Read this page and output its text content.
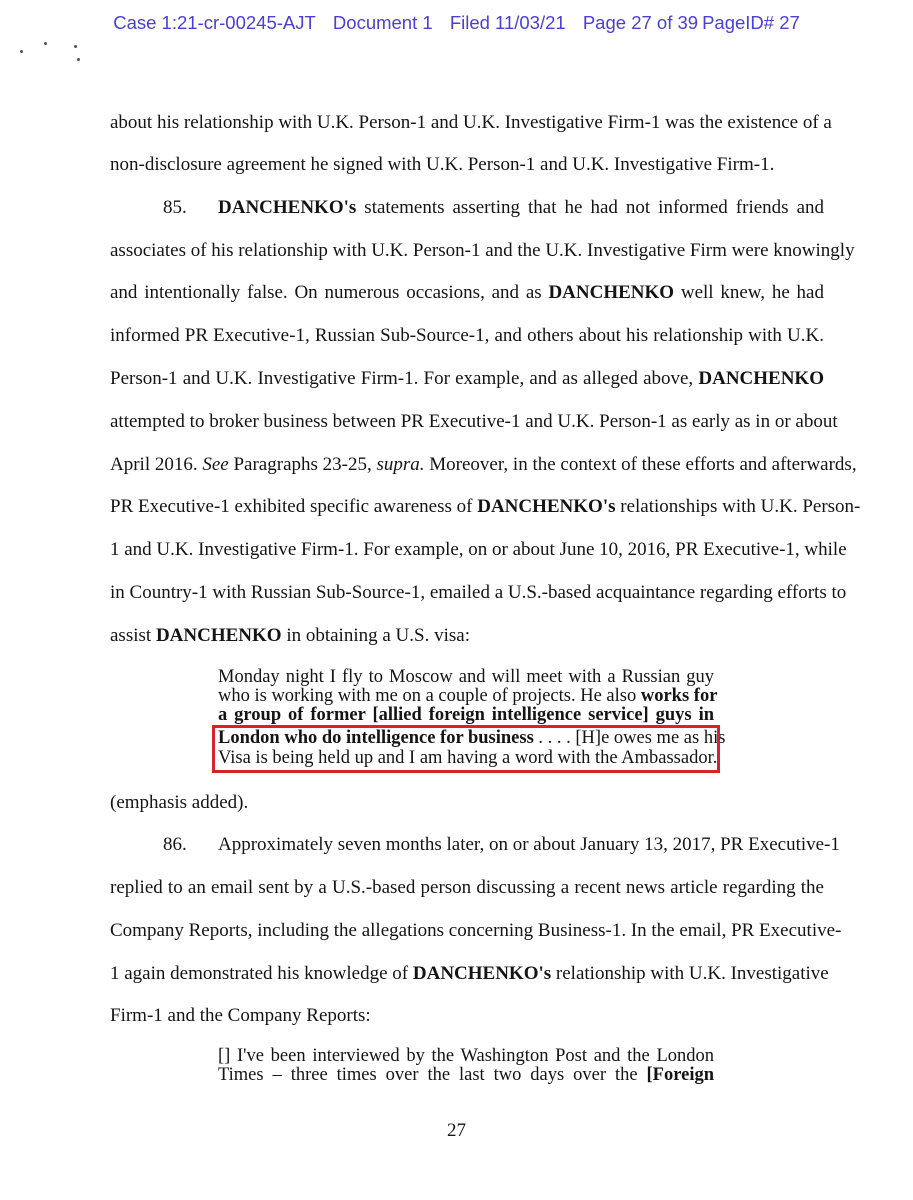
Case 1:21-cr-00245-AJT Document 1 Filed 11/03/21 Page 27 of 39 PageID# 27
about his relationship with U.K. Person-1 and U.K. Investigative Firm-1 was the existence of a
non-disclosure agreement he signed with U.K. Person-1 and U.K. Investigative Firm-1.
85. DANCHENKO's statements asserting that he had not informed friends and
associates of his relationship with U.K. Person-1 and the U.K. Investigative Firm were knowingly
and intentionally false. On numerous occasions, and as DANCHENKO well knew, he had
informed PR Executive-1, Russian Sub-Source-1, and others about his relationship with U.K.
Person-1 and U.K. Investigative Firm-1. For example, and as alleged above, DANCHENKO
attempted to broker business between PR Executive-1 and U.K. Person-1 as early as in or about
April 2016. See Paragraphs 23-25, supra. Moreover, in the context of these efforts and afterwards,
PR Executive-1 exhibited specific awareness of DANCHENKO's relationships with U.K. Person-
1 and U.K. Investigative Firm-1. For example, on or about June 10, 2016, PR Executive-1, while
in Country-1 with Russian Sub-Source-1, emailed a U.S.-based acquaintance regarding efforts to
assist DANCHENKO in obtaining a U.S. visa:
Monday night I fly to Moscow and will meet with a Russian guy
who is working with me on a couple of projects. He also works for
a group of former [allied foreign intelligence service] guys in
London who do intelligence for business . . . . [H]e owes me as his
Visa is being held up and I am having a word with the Ambassador.
(emphasis added).
86. Approximately seven months later, on or about January 13, 2017, PR Executive-1
replied to an email sent by a U.S.-based person discussing a recent news article regarding the
Company Reports, including the allegations concerning Business-1. In the email, PR Executive-
1 again demonstrated his knowledge of DANCHENKO's relationship with U.K. Investigative
Firm-1 and the Company Reports:
[] I've been interviewed by the Washington Post and the London
Times – three times over the last two days over the [Foreign
27
